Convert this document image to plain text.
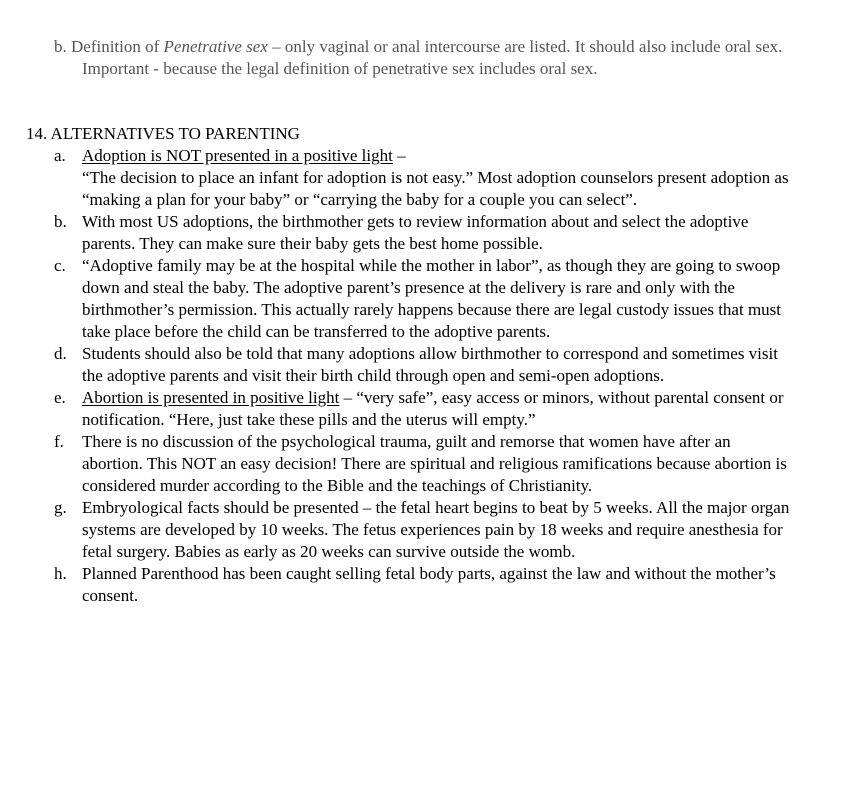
b. Definition of Penetrative sex – only vaginal or anal intercourse are listed. It should also include oral sex. Important - because the legal definition of penetrative sex includes oral sex.
14. ALTERNATIVES TO PARENTING
a. Adoption is NOT presented in a positive light –
“The decision to place an infant for adoption is not easy.” Most adoption counselors present adoption as “making a plan for your baby” or “carrying the baby for a couple you can select”.
b. With most US adoptions, the birthmother gets to review information about and select the adoptive parents. They can make sure their baby gets the best home possible.
c. “Adoptive family may be at the hospital while the mother in labor”, as though they are going to swoop down and steal the baby. The adoptive parent’s presence at the delivery is rare and only with the birthmother’s permission. This actually rarely happens because there are legal custody issues that must take place before the child can be transferred to the adoptive parents.
d. Students should also be told that many adoptions allow birthmother to correspond and sometimes visit the adoptive parents and visit their birth child through open and semi-open adoptions.
e. Abortion is presented in positive light – “very safe”, easy access or minors, without parental consent or notification. “Here, just take these pills and the uterus will empty.”
f. There is no discussion of the psychological trauma, guilt and remorse that women have after an abortion. This NOT an easy decision! There are spiritual and religious ramifications because abortion is considered murder according to the Bible and the teachings of Christianity.
g. Embryological facts should be presented – the fetal heart begins to beat by 5 weeks. All the major organ systems are developed by 10 weeks. The fetus experiences pain by 18 weeks and require anesthesia for fetal surgery. Babies as early as 20 weeks can survive outside the womb.
h. Planned Parenthood has been caught selling fetal body parts, against the law and without the mother’s consent.
